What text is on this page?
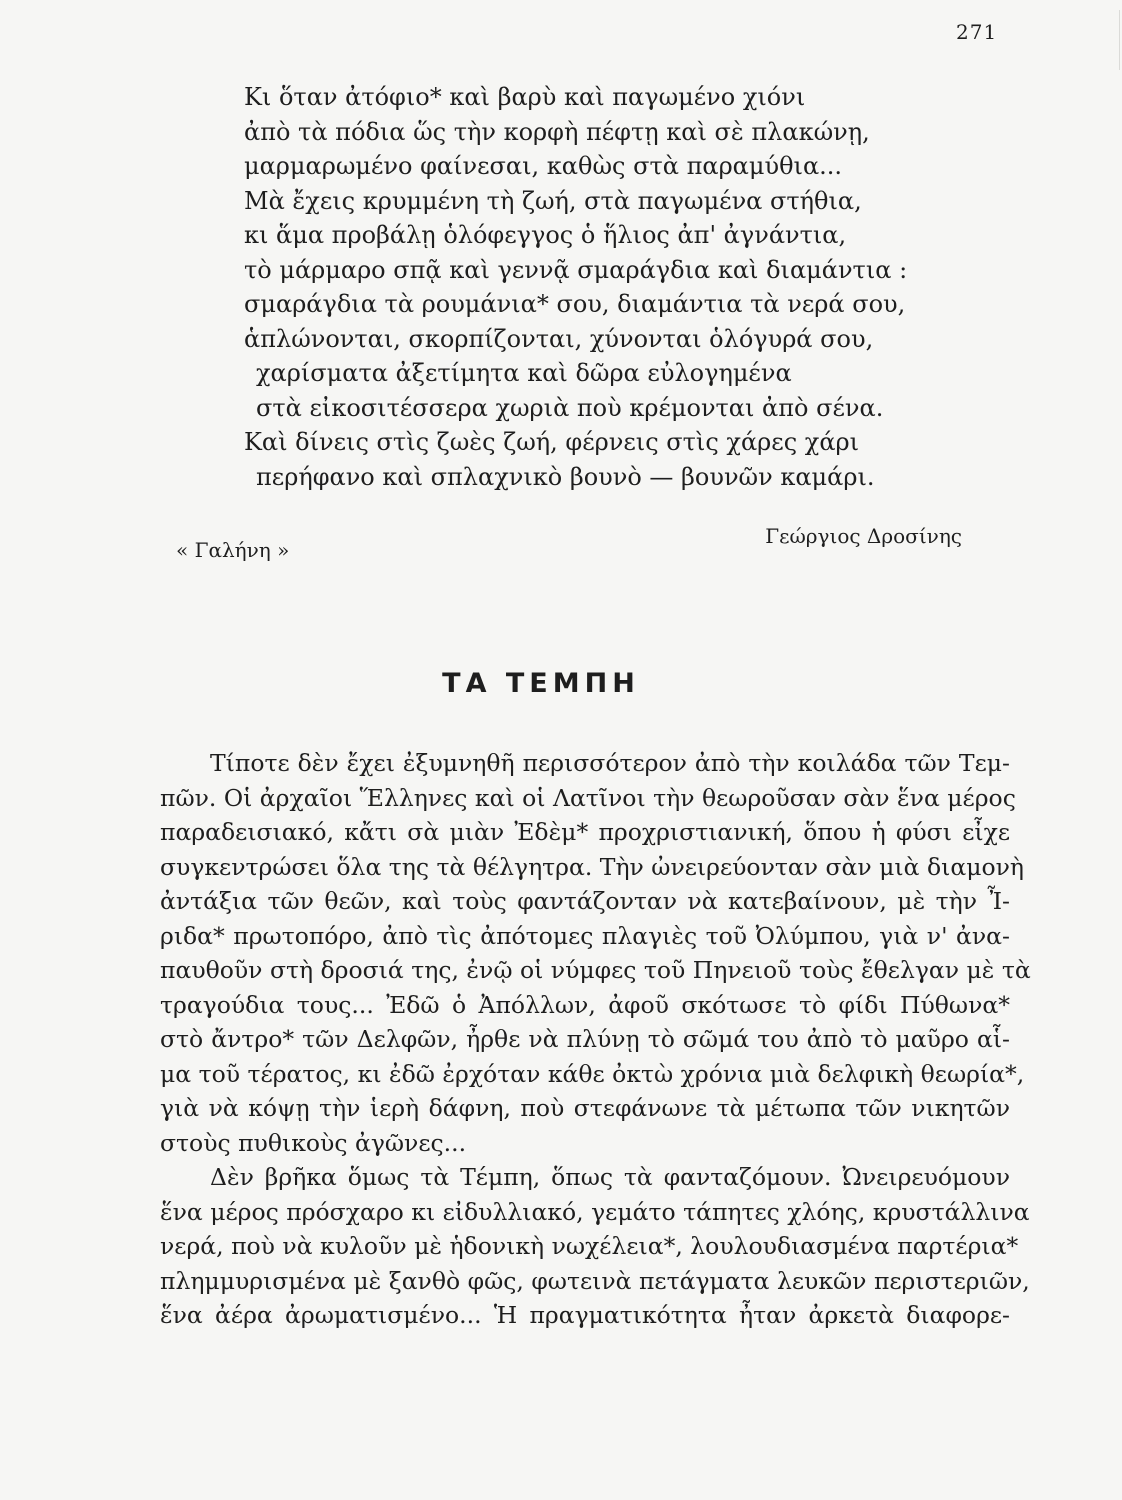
271
Κι ὅταν ἀτόφιο* καὶ βαρὺ καὶ παγωμένο χιόνι
ἀπὸ τὰ πόδια ὥς τὴν κορφὴ πέφτῃ καὶ σὲ πλακώνῃ,
μαρμαρωμένο φαίνεσαι, καθὼς στὰ παραμύθια...
Μὰ ἔχεις κρυμμένη τὴ ζωή, στὰ παγωμένα στήθια,
κι ἅμα προβάλῃ ὁλόφεγγος ὁ ἥλιος ἀπ' ἀγνάντια,
τὸ μάρμαρο σπᾷ καὶ γεννᾷ σμαράγδια καὶ διαμάντια :
σμαράγδια τὰ ρουμάνια* σου, διαμάντια τὰ νερά σου,
ἁπλώνονται, σκορπίζονται, χύνονται ὁλόγυρά σου,
χαρίσματα ἀξετίμητα καὶ δῶρα εὐλογημένα
στὰ εἰκοσιτέσσερα χωριὰ ποὺ κρέμονται ἀπὸ σένα.
Καὶ δίνεις στὶς ζωὲς ζωή, φέρνεις στὶς χάρες χάρι
περήφανο καὶ σπλαχνικὸ βουνὸ — βουνῶν καμάρι.
« Γαλήνη »
Γεώργιος Δροσίνης
ΤΑ ΤΕΜΠΗ
Τίποτε δὲν ἔχει ἐξυμνηθῆ περισσότερον ἀπὸ τὴν κοιλάδα τῶν Τεμ-
πῶν. Οἱ ἀρχαῖοι Ἕλληνες καὶ οἱ Λατῖνοι τὴν θεωροῦσαν σὰν ἕνα μέρος
παραδεισιακό, κἄτι σὰ μιὰν Ἐδὲμ* προχριστιανική, ὅπου ἡ φύσι εἶχε
συγκεντρώσει ὅλα της τὰ θέλγητρα. Τὴν ὠνειρεύονταν σὰν μιὰ διαμονὴ
ἀντάξια τῶν θεῶν, καὶ τοὺς φαντάζονταν νὰ κατεβαίνουν, μὲ τὴν Ἶ-
ριδα* πρωτοπόρο, ἀπὸ τὶς ἀπότομες πλαγιὲς τοῦ Ὀλύμπου, γιὰ ν' ἀνα-
παυθοῦν στὴ δροσιά της, ἐνῷ οἱ νύμφες τοῦ Πηνειοῦ τοὺς ἔθελγαν μὲ τὰ
τραγούδια τους... Ἐδῶ ὁ Ἀπόλλων, ἀφοῦ σκότωσε τὸ φίδι Πύθωνα*
στὸ ἄντρο* τῶν Δελφῶν, ἦρθε νὰ πλύνῃ τὸ σῶμά του ἀπὸ τὸ μαῦρο αἷ-
μα τοῦ τέρατος, κι ἐδῶ ἐρχόταν κάθε ὀκτὼ χρόνια μιὰ δελφικὴ θεωρία*,
γιὰ νὰ κόψῃ τὴν ἱερὴ δάφνη, ποὺ στεφάνωνε τὰ μέτωπα τῶν νικητῶν
στοὺς πυθικοὺς ἀγῶνες...
Δὲν βρῆκα ὅμως τὰ Τέμπη, ὅπως τὰ φανταζόμουν. Ὠνειρευόμουν
ἕνα μέρος πρόσχαρο κι εἰδυλλιακό, γεμάτο τάπητες χλόης, κρυστάλλινα
νερά, ποὺ νὰ κυλοῦν μὲ ἡδονικὴ νωχέλεια*, λουλουδιασμένα παρτέρια*
πλημμυρισμένα μὲ ξανθὸ φῶς, φωτεινὰ πετάγματα λευκῶν περιστεριῶν,
ἕνα ἀέρα ἀρωματισμένο... Ἡ πραγματικότητα ἦταν ἀρκετὰ διαφορε-
